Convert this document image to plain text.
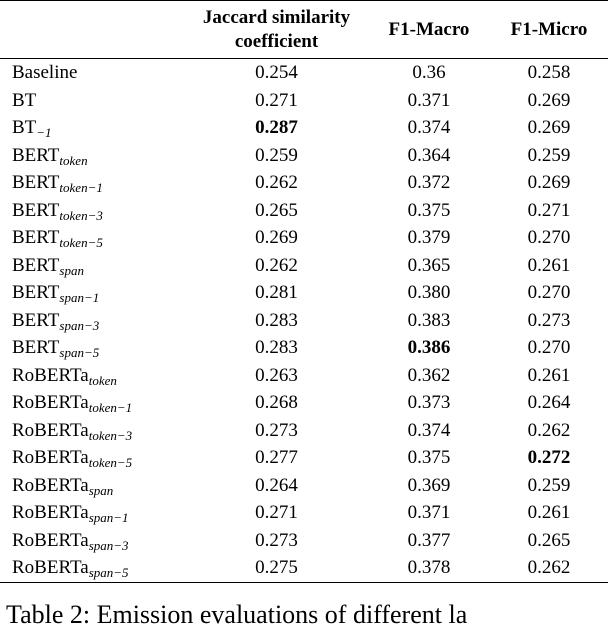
	Jaccard similarity coefficient	F1-Macro	F1-Micro
Baseline	0.254	0.36	0.258
BT	0.271	0.371	0.269
$BT_{-1}$	0.287	0.374	0.269
$BERT_{token}$	0.259	0.364	0.259
$BERT_{token-1}$	0.262	0.372	0.269
$BERT_{token-3}$	0.265	0.375	0.271
$BERT_{token-5}$	0.269	0.379	0.270
$BERT_{span}$	0.262	0.365	0.261
$BERT_{span-1}$	0.281	0.380	0.270
$BERT_{span-3}$	0.283	0.383	0.273
$BERT_{span-5}$	0.283	0.386	0.270
RoBERTa$_{token}$	0.263	0.362	0.261
RoBERTa$_{token-1}$	0.268	0.373	0.264
RoBERTa$_{token-3}$	0.273	0.374	0.262
RoBERTa$_{token-5}$	0.277	0.375	0.272
RoBERTa$_{span}$	0.264	0.369	0.259
RoBERTa$_{span-1}$	0.271	0.371	0.261
RoBERTa$_{span-3}$	0.273	0.377	0.265
RoBERTa$_{span-5}$	0.275	0.378	0.262
Table 2: Emission evaluations of different la
